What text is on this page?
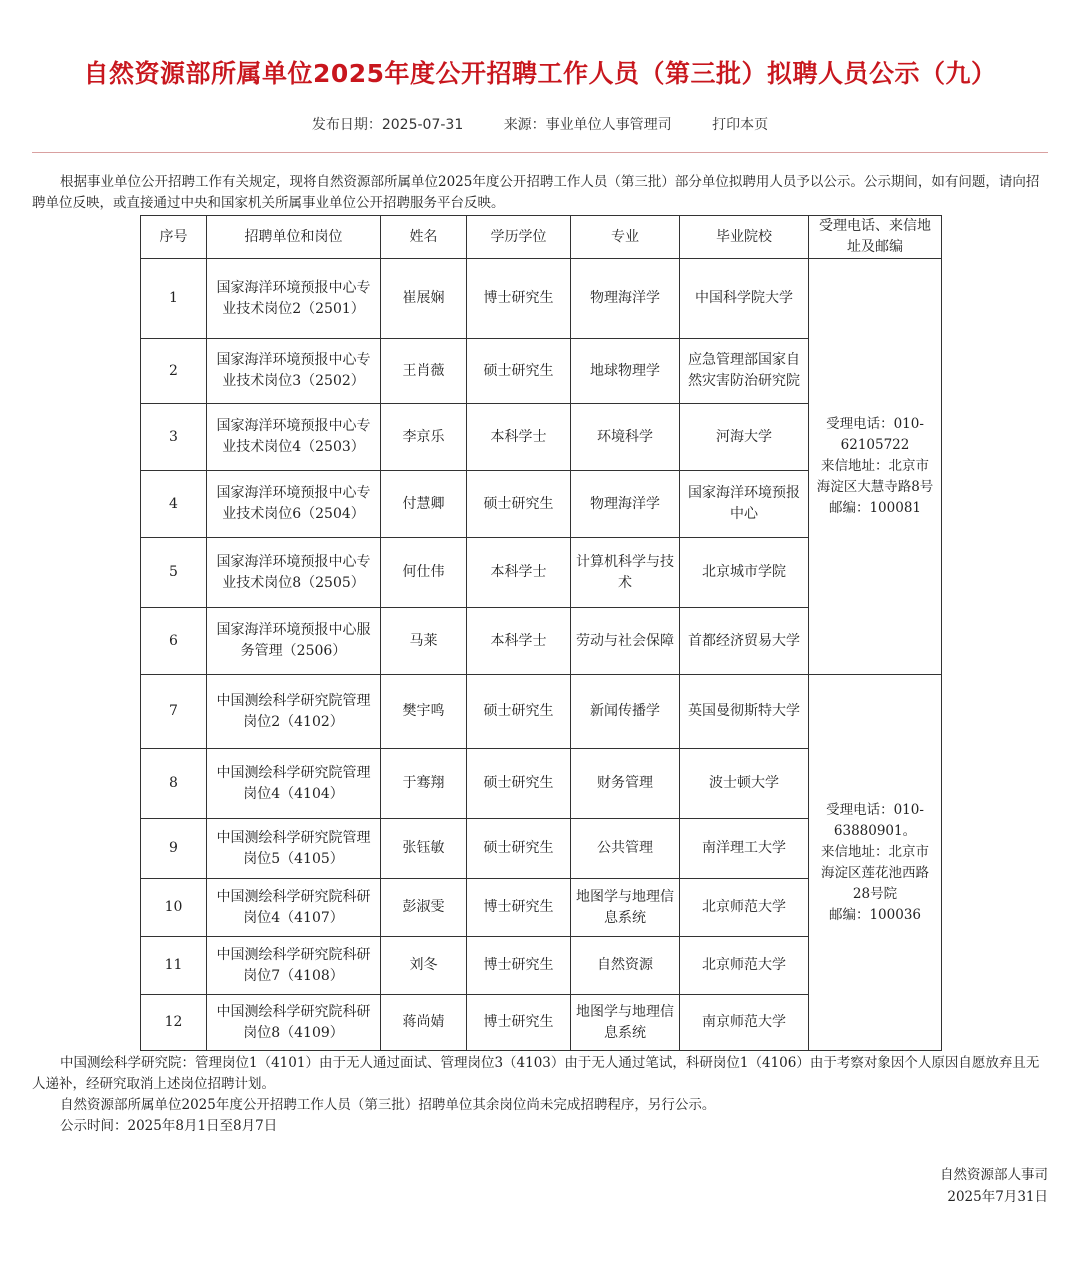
自然资源部所属单位2025年度公开招聘工作人员（第三批）拟聘人员公示（九）
发布日期：2025-07-31	来源：事业单位人事管理司	打印本页
根据事业单位公开招聘工作有关规定，现将自然资源部所属单位2025年度公开招聘工作人员（第三批）部分单位拟聘用人员予以公示。公示期间，如有问题，请向招聘单位反映，或直接通过中央和国家机关所属事业单位公开招聘服务平台反映。
序号	招聘单位和岗位	姓名	学历学位	专业	毕业院校	受理电话、来信地址及邮编
1	国家海洋环境预报中心专业技术岗位2（2501）	崔展娴	博士研究生	物理海洋学	中国科学院大学	受理电话：010-62105722
来信地址：北京市海淀区大慧寺路8号
邮编：100081

2	国家海洋环境预报中心专业技术岗位3（2502）	王肖薇	硕士研究生	地球物理学	应急管理部国家自然灾害防治研究院	
3	国家海洋环境预报中心专业技术岗位4（2503）	李京乐	本科学士	环境科学	河海大学	
4	国家海洋环境预报中心专业技术岗位6（2504）	付慧卿	硕士研究生	物理海洋学	国家海洋环境预报中心	
5	国家海洋环境预报中心专业技术岗位8（2505）	何仕伟	本科学士	计算机科学与技术	北京城市学院	
6	国家海洋环境预报中心服务管理（2506）	马莱	本科学士	劳动与社会保障	首都经济贸易大学	
7	中国测绘科学研究院管理岗位2（4102）	樊宇鸣	硕士研究生	新闻传播学	英国曼彻斯特大学	受理电话：010-63880901。
来信地址：北京市海淀区莲花池西路28号院
邮编：100036

8	中国测绘科学研究院管理岗位4（4104）	于骞翔	硕士研究生	财务管理	波士顿大学	
9	中国测绘科学研究院管理岗位5（4105）	张钰敏	硕士研究生	公共管理	南洋理工大学	
10	中国测绘科学研究院科研岗位4（4107）	彭淑雯	博士研究生	地图学与地理信息系统	北京师范大学	
11	中国测绘科学研究院科研岗位7（4108）	刘冬	博士研究生	自然资源	北京师范大学	
12	中国测绘科学研究院科研岗位8（4109）	蒋尚婧	博士研究生	地图学与地理信息系统	南京师范大学	

中国测绘科学研究院：管理岗位1（4101）由于无人通过面试、管理岗位3（4103）由于无人通过笔试，科研岗位1（4106）由于考察对象因个人原因自愿放弃且无人递补，经研究取消上述岗位招聘计划。

自然资源部所属单位2025年度公开招聘工作人员（第三批）招聘单位其余岗位尚未完成招聘程序，另行公示。

公示时间：2025年8月1日至8月7日

自然资源部人事司
2025年7月31日
